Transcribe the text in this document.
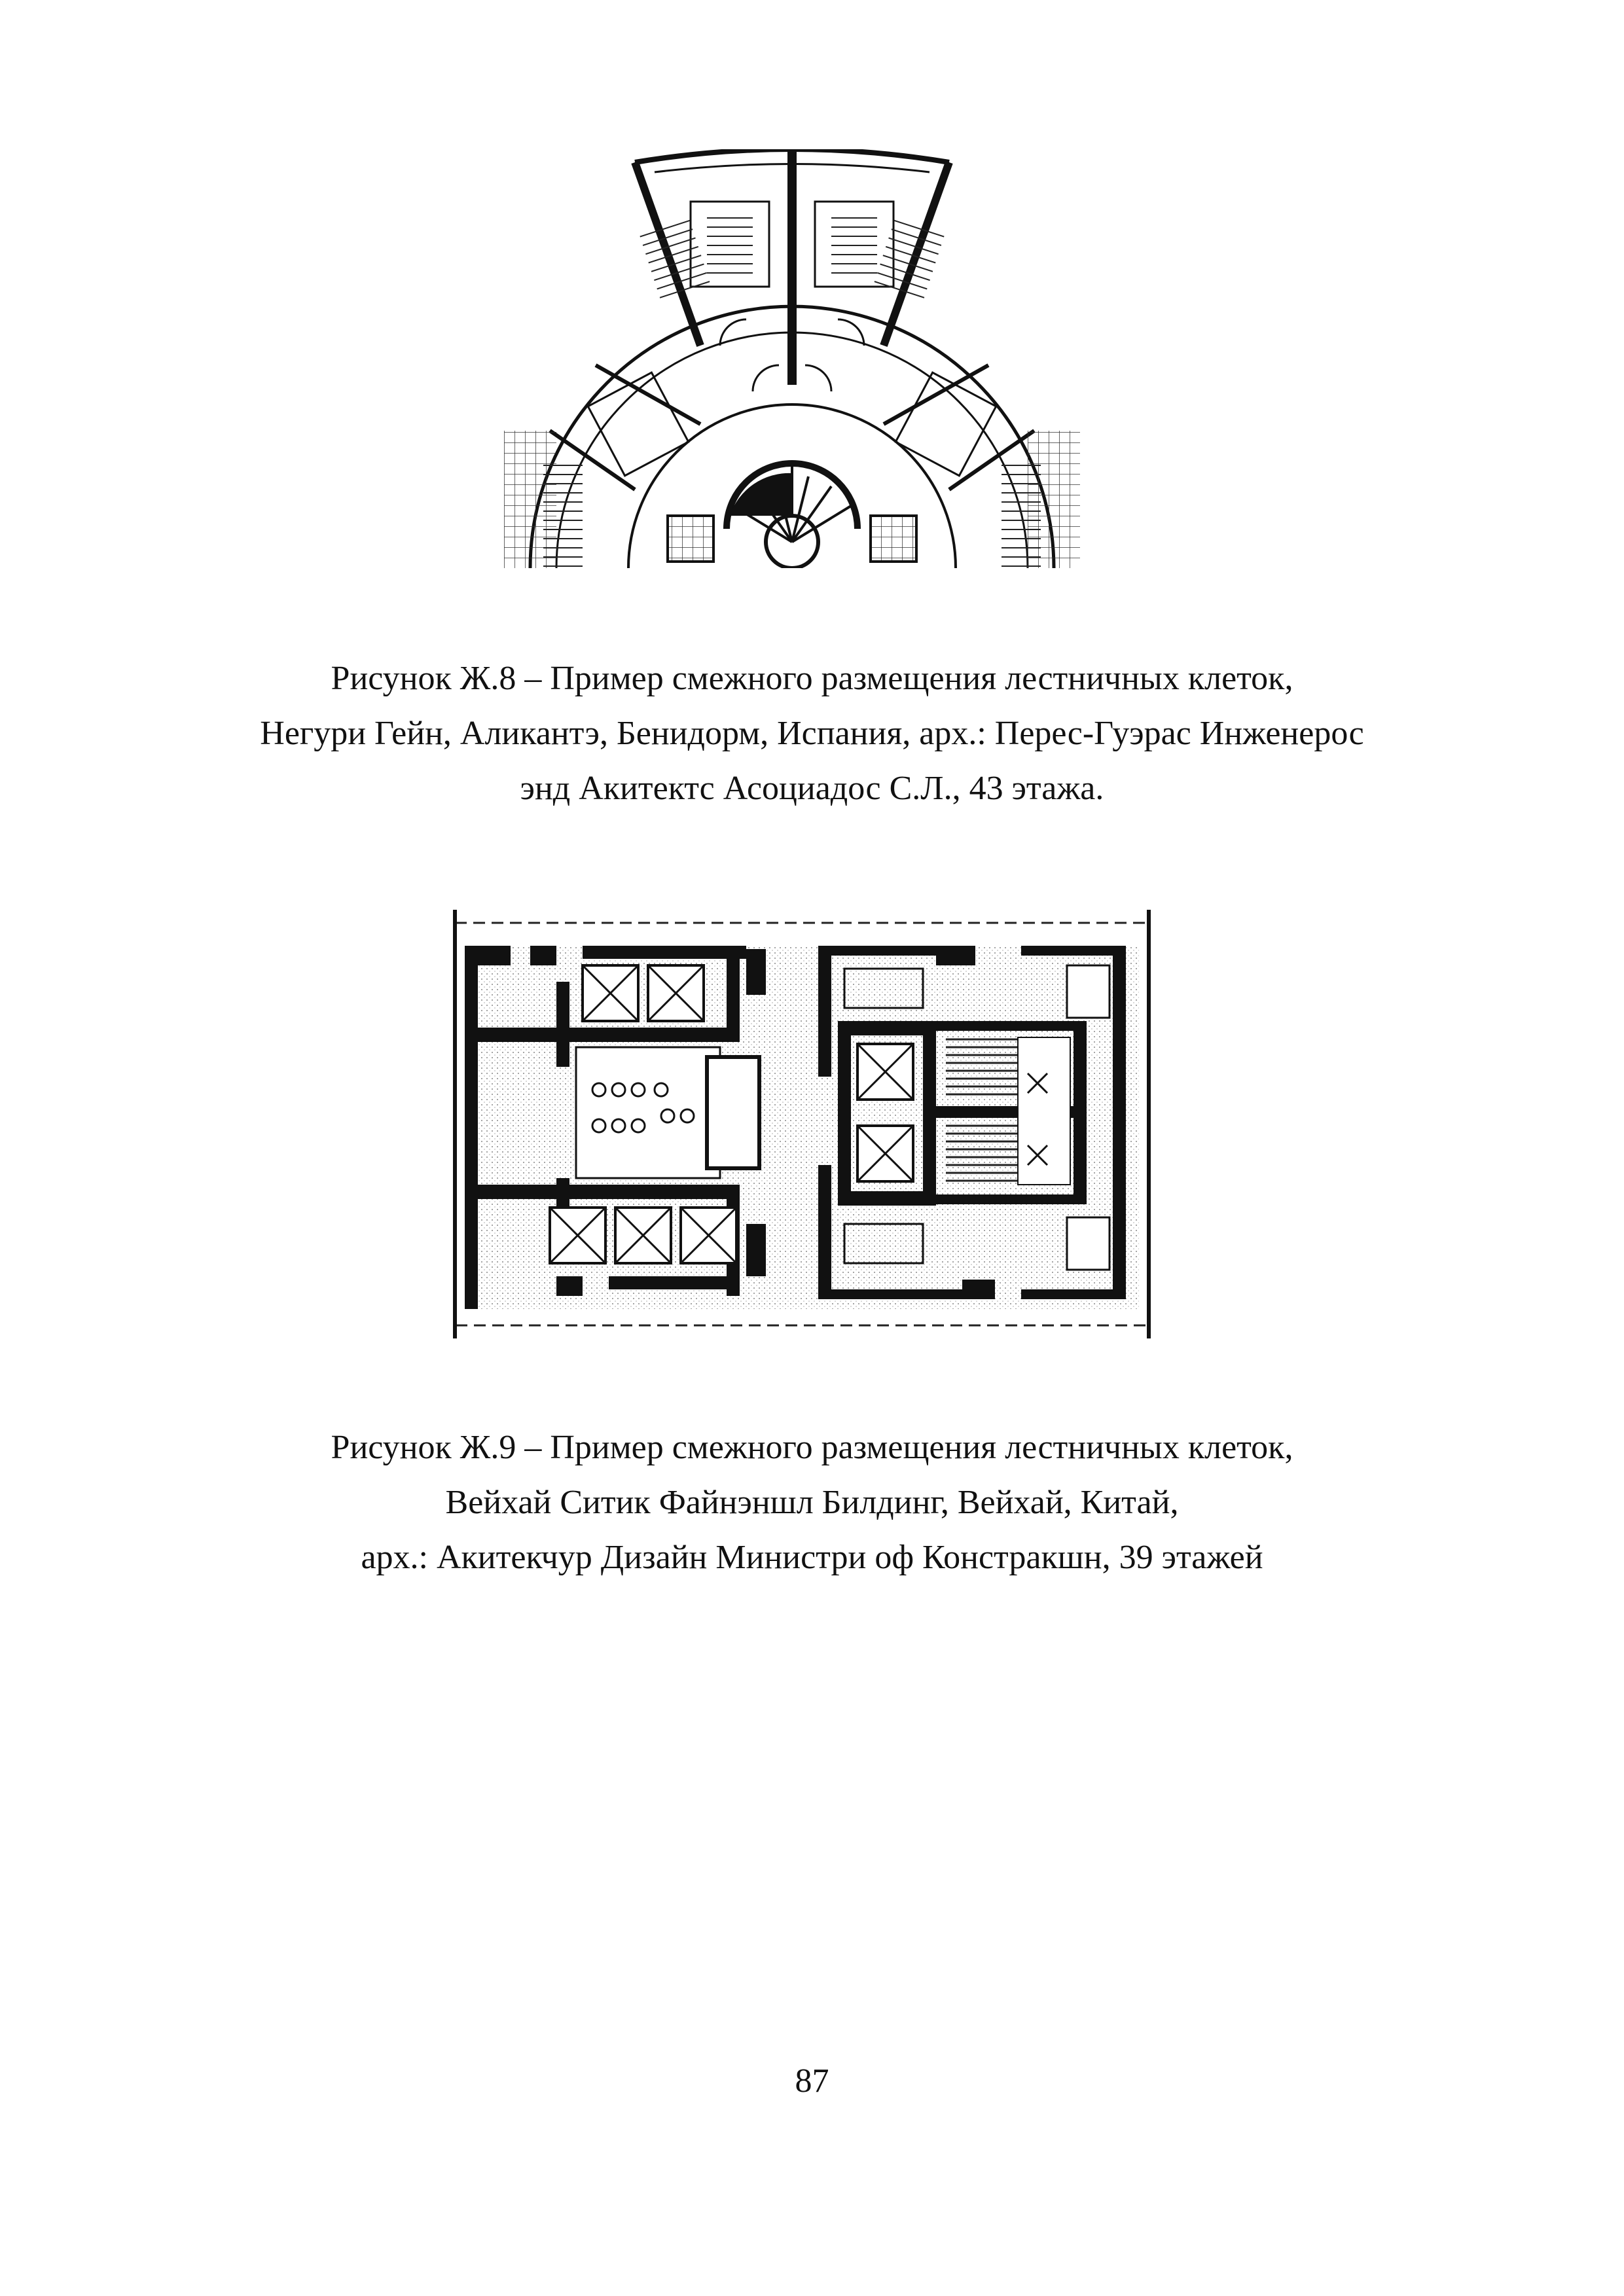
Рисунок Ж.8 – Пример смежного размещения лестничных клеток,
Негури Гейн, Аликантэ, Бенидорм, Испания, арх.: Перес-Гуэрас Инженерос
энд Акитектс Асоциадос С.Л., 43 этажа.
Рисунок Ж.9 – Пример смежного размещения лестничных клеток,
Вейхай Ситик Файнэншл Билдинг, Вейхай, Китай,
арх.: Акитекчур Дизайн Министри оф Констракшн, 39 этажей
87
